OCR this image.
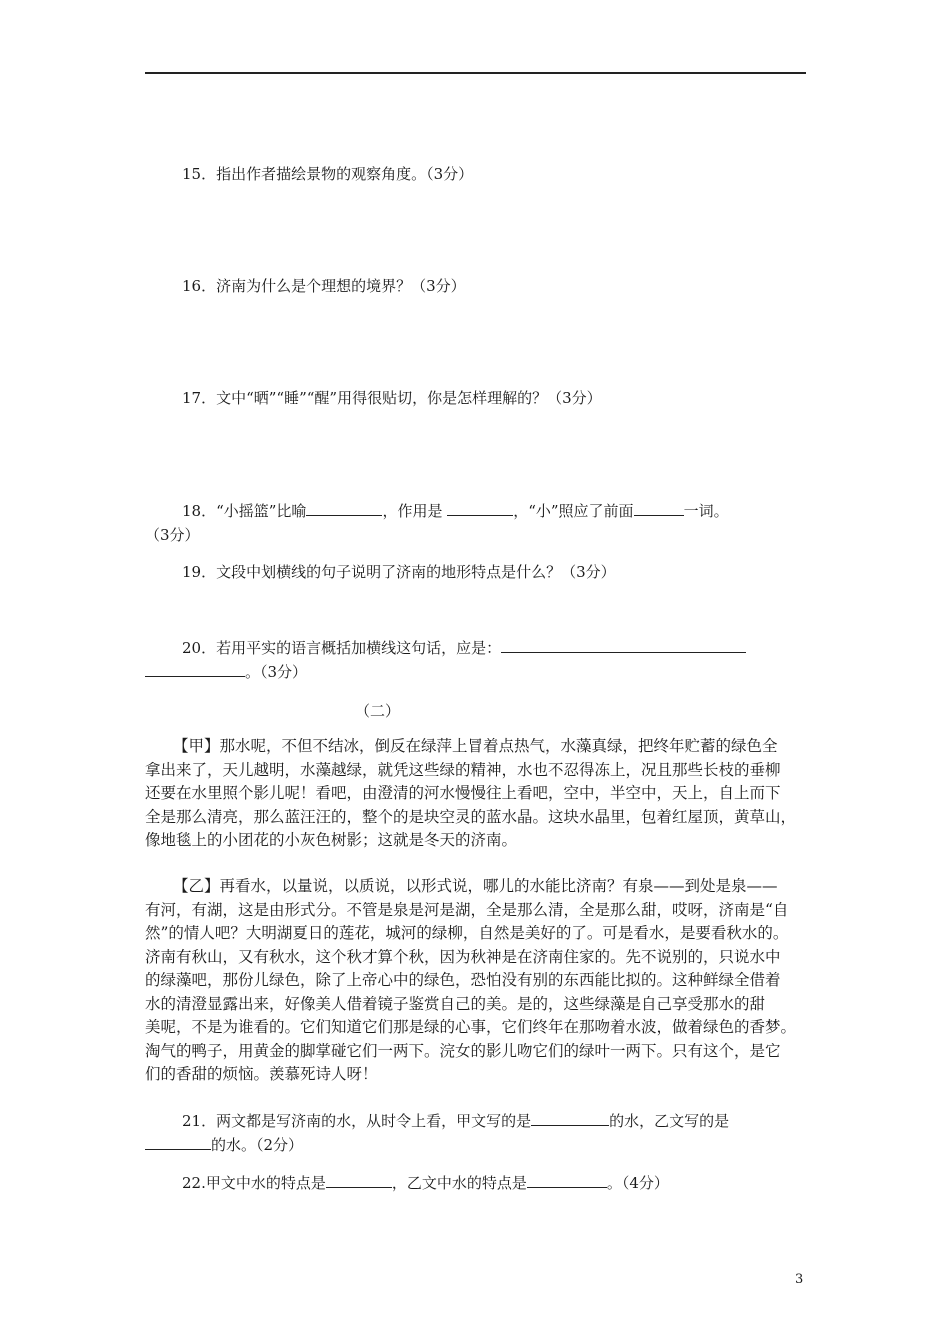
15．指出作者描绘景物的观察角度。（3分）
16．济南为什么是个理想的境界？（3分）
17．文中“晒”“睡”“醒”用得很贴切，你是怎样理解的？（3分）
18．“小摇篮”比喻	，作用是	，“小”照应了前面	一词。
（3分）
19．文段中划横线的句子说明了济南的地形特点是什么？（3分）
20．若用平实的语言概括加横线这句话，应是：
。（3分）
（二）
【甲】那水呢，不但不结冰，倒反在绿萍上冒着点热气，水藻真绿，把终年贮蓄的绿色全
拿出来了，天儿越明，水藻越绿，就凭这些绿的精神，水也不忍得冻上，况且那些长枝的垂柳
还要在水里照个影儿呢！看吧，由澄清的河水慢慢往上看吧，空中，半空中，天上，自上而下
全是那么清亮，那么蓝汪汪的，整个的是块空灵的蓝水晶。这块水晶里，包着红屋顶，黄草山，
像地毯上的小团花的小灰色树影；这就是冬天的济南。
【乙】再看水，以量说，以质说，以形式说，哪儿的水能比济南？有泉——到处是泉——
有河，有湖，这是由形式分。不管是泉是河是湖，全是那么清，全是那么甜，哎呀，济南是“自
然”的情人吧？大明湖夏日的莲花，城河的绿柳，自然是美好的了。可是看水，是要看秋水的。
济南有秋山，又有秋水，这个秋才算个秋，因为秋神是在济南住家的。先不说别的，只说水中
的绿藻吧，那份儿绿色，除了上帝心中的绿色，恐怕没有别的东西能比拟的。这种鲜绿全借着
水的清澄显露出来，好像美人借着镜子鉴赏自己的美。是的，这些绿藻是自己享受那水的甜
美呢，不是为谁看的。它们知道它们那是绿的心事，它们终年在那吻着水波，做着绿色的香梦。
淘气的鸭子，用黄金的脚掌碰它们一两下。浣女的影儿吻它们的绿叶一两下。只有这个，是它
们的香甜的烦恼。羡慕死诗人呀！
21．两文都是写济南的水，从时令上看，甲文写的是	的水，乙文写的是
的水。（2分）
22.甲文中水的特点是	，乙文中水的特点是	。（4分）
3
